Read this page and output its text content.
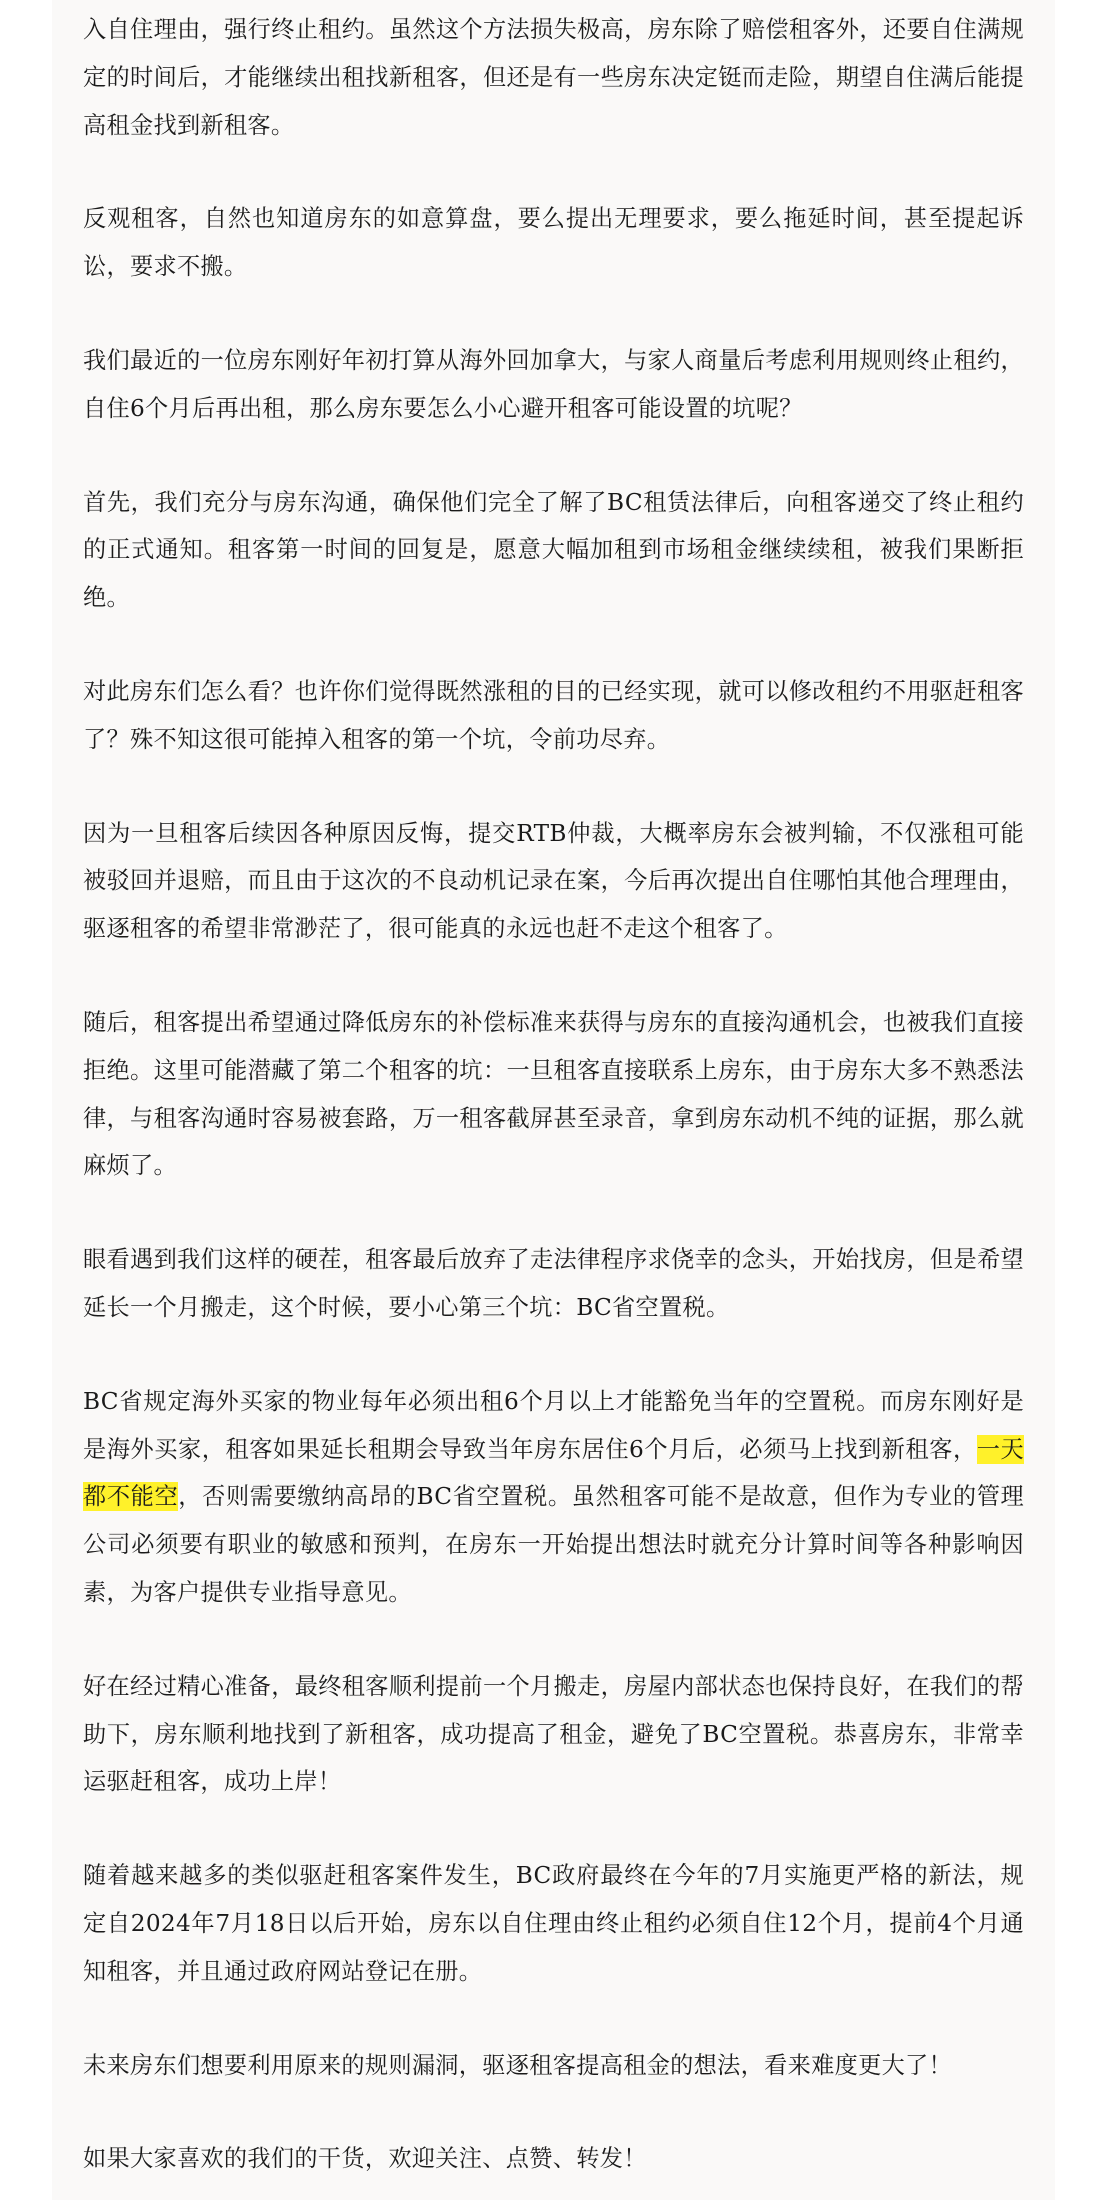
入自住理由，强行终止租约。虽然这个方法损失极高，房东除了赔偿租客外，还要自住满规定的时间后，才能继续出租找新租客，但还是有一些房东决定铤而走险，期望自住满后能提高租金找到新租客。

反观租客，自然也知道房东的如意算盘，要么提出无理要求，要么拖延时间，甚至提起诉讼，要求不搬。

我们最近的一位房东刚好年初打算从海外回加拿大，与家人商量后考虑利用规则终止租约，自住6个月后再出租，那么房东要怎么小心避开租客可能设置的坑呢？

首先，我们充分与房东沟通，确保他们完全了解了BC租赁法律后，向租客递交了终止租约的正式通知。租客第一时间的回复是，愿意大幅加租到市场租金继续续租，被我们果断拒绝。

对此房东们怎么看？也许你们觉得既然涨租的目的已经实现，就可以修改租约不用驱赶租客了？殊不知这很可能掉入租客的第一个坑，令前功尽弃。

因为一旦租客后续因各种原因反悔，提交RTB仲裁，大概率房东会被判输，不仅涨租可能被驳回并退赔，而且由于这次的不良动机记录在案，今后再次提出自住哪怕其他合理理由，驱逐租客的希望非常渺茫了，很可能真的永远也赶不走这个租客了。

随后，租客提出希望通过降低房东的补偿标准来获得与房东的直接沟通机会，也被我们直接拒绝。这里可能潜藏了第二个租客的坑：一旦租客直接联系上房东，由于房东大多不熟悉法律，与租客沟通时容易被套路，万一租客截屏甚至录音，拿到房东动机不纯的证据，那么就麻烦了。

眼看遇到我们这样的硬茬，租客最后放弃了走法律程序求侥幸的念头，开始找房，但是希望延长一个月搬走，这个时候，要小心第三个坑：BC省空置税。

BC省规定海外买家的物业每年必须出租6个月以上才能豁免当年的空置税。而房东刚好是是海外买家，租客如果延长租期会导致当年房东居住6个月后，必须马上找到新租客，一天都不能空，否则需要缴纳高昂的BC省空置税。虽然租客可能不是故意，但作为专业的管理公司必须要有职业的敏感和预判，在房东一开始提出想法时就充分计算时间等各种影响因素，为客户提供专业指导意见。

好在经过精心准备，最终租客顺利提前一个月搬走，房屋内部状态也保持良好，在我们的帮助下，房东顺利地找到了新租客，成功提高了租金，避免了BC空置税。恭喜房东，非常幸运驱赶租客，成功上岸！

随着越来越多的类似驱赶租客案件发生，BC政府最终在今年的7月实施更严格的新法，规定自2024年7月18日以后开始，房东以自住理由终止租约必须自住12个月，提前4个月通知租客，并且通过政府网站登记在册。

未来房东们想要利用原来的规则漏洞，驱逐租客提高租金的想法，看来难度更大了！

如果大家喜欢的我们的干货，欢迎关注、点赞、转发！
